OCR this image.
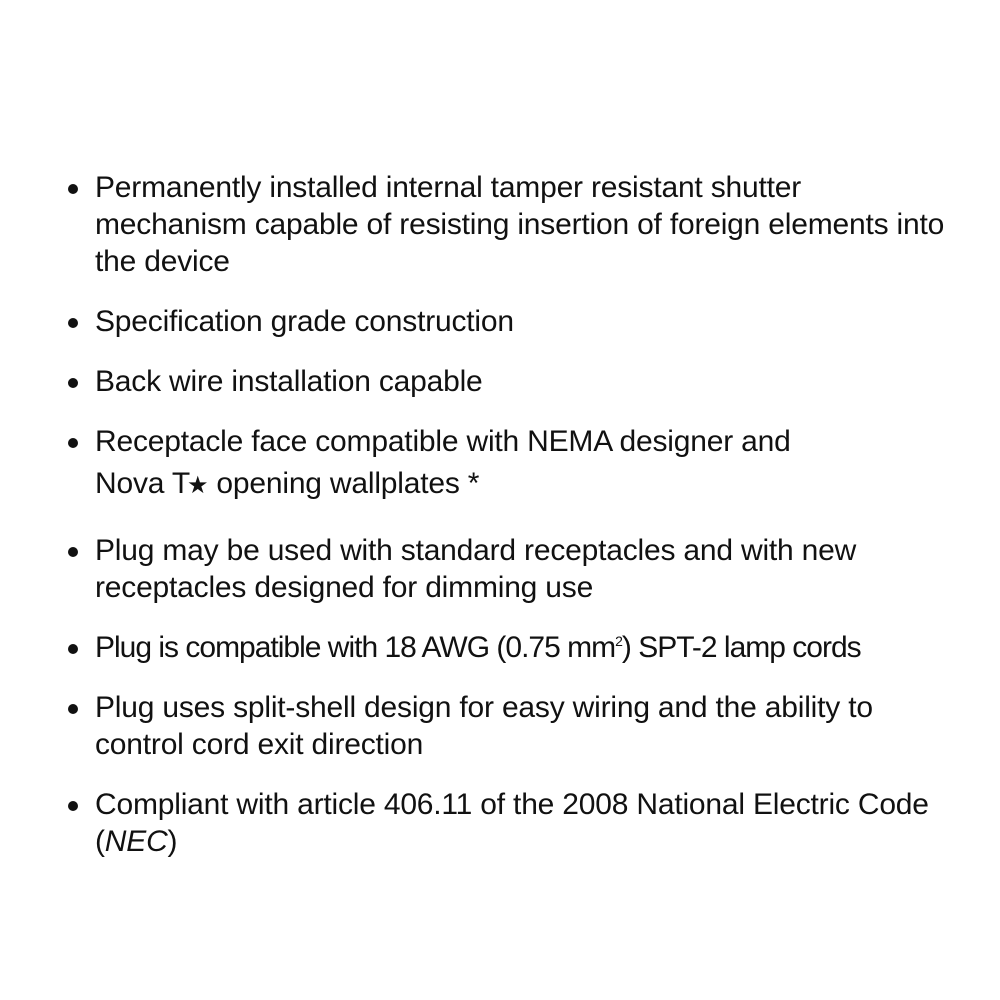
Permanently installed internal tamper resistant shutter mechanism capable of resisting insertion of foreign elements into the device
Specification grade construction
Back wire installation capable
Receptacle face compatible with NEMA designer and
Nova T★ opening wallplates *
Plug may be used with standard receptacles and with new receptacles designed for dimming use
Plug is compatible with 18 AWG (0.75 $mm^2$) SPT-2 lamp cords
Plug uses split-shell design for easy wiring and the ability to control cord exit direction
Compliant with article 406.11 of the 2008 National Electric Code (NEC)
